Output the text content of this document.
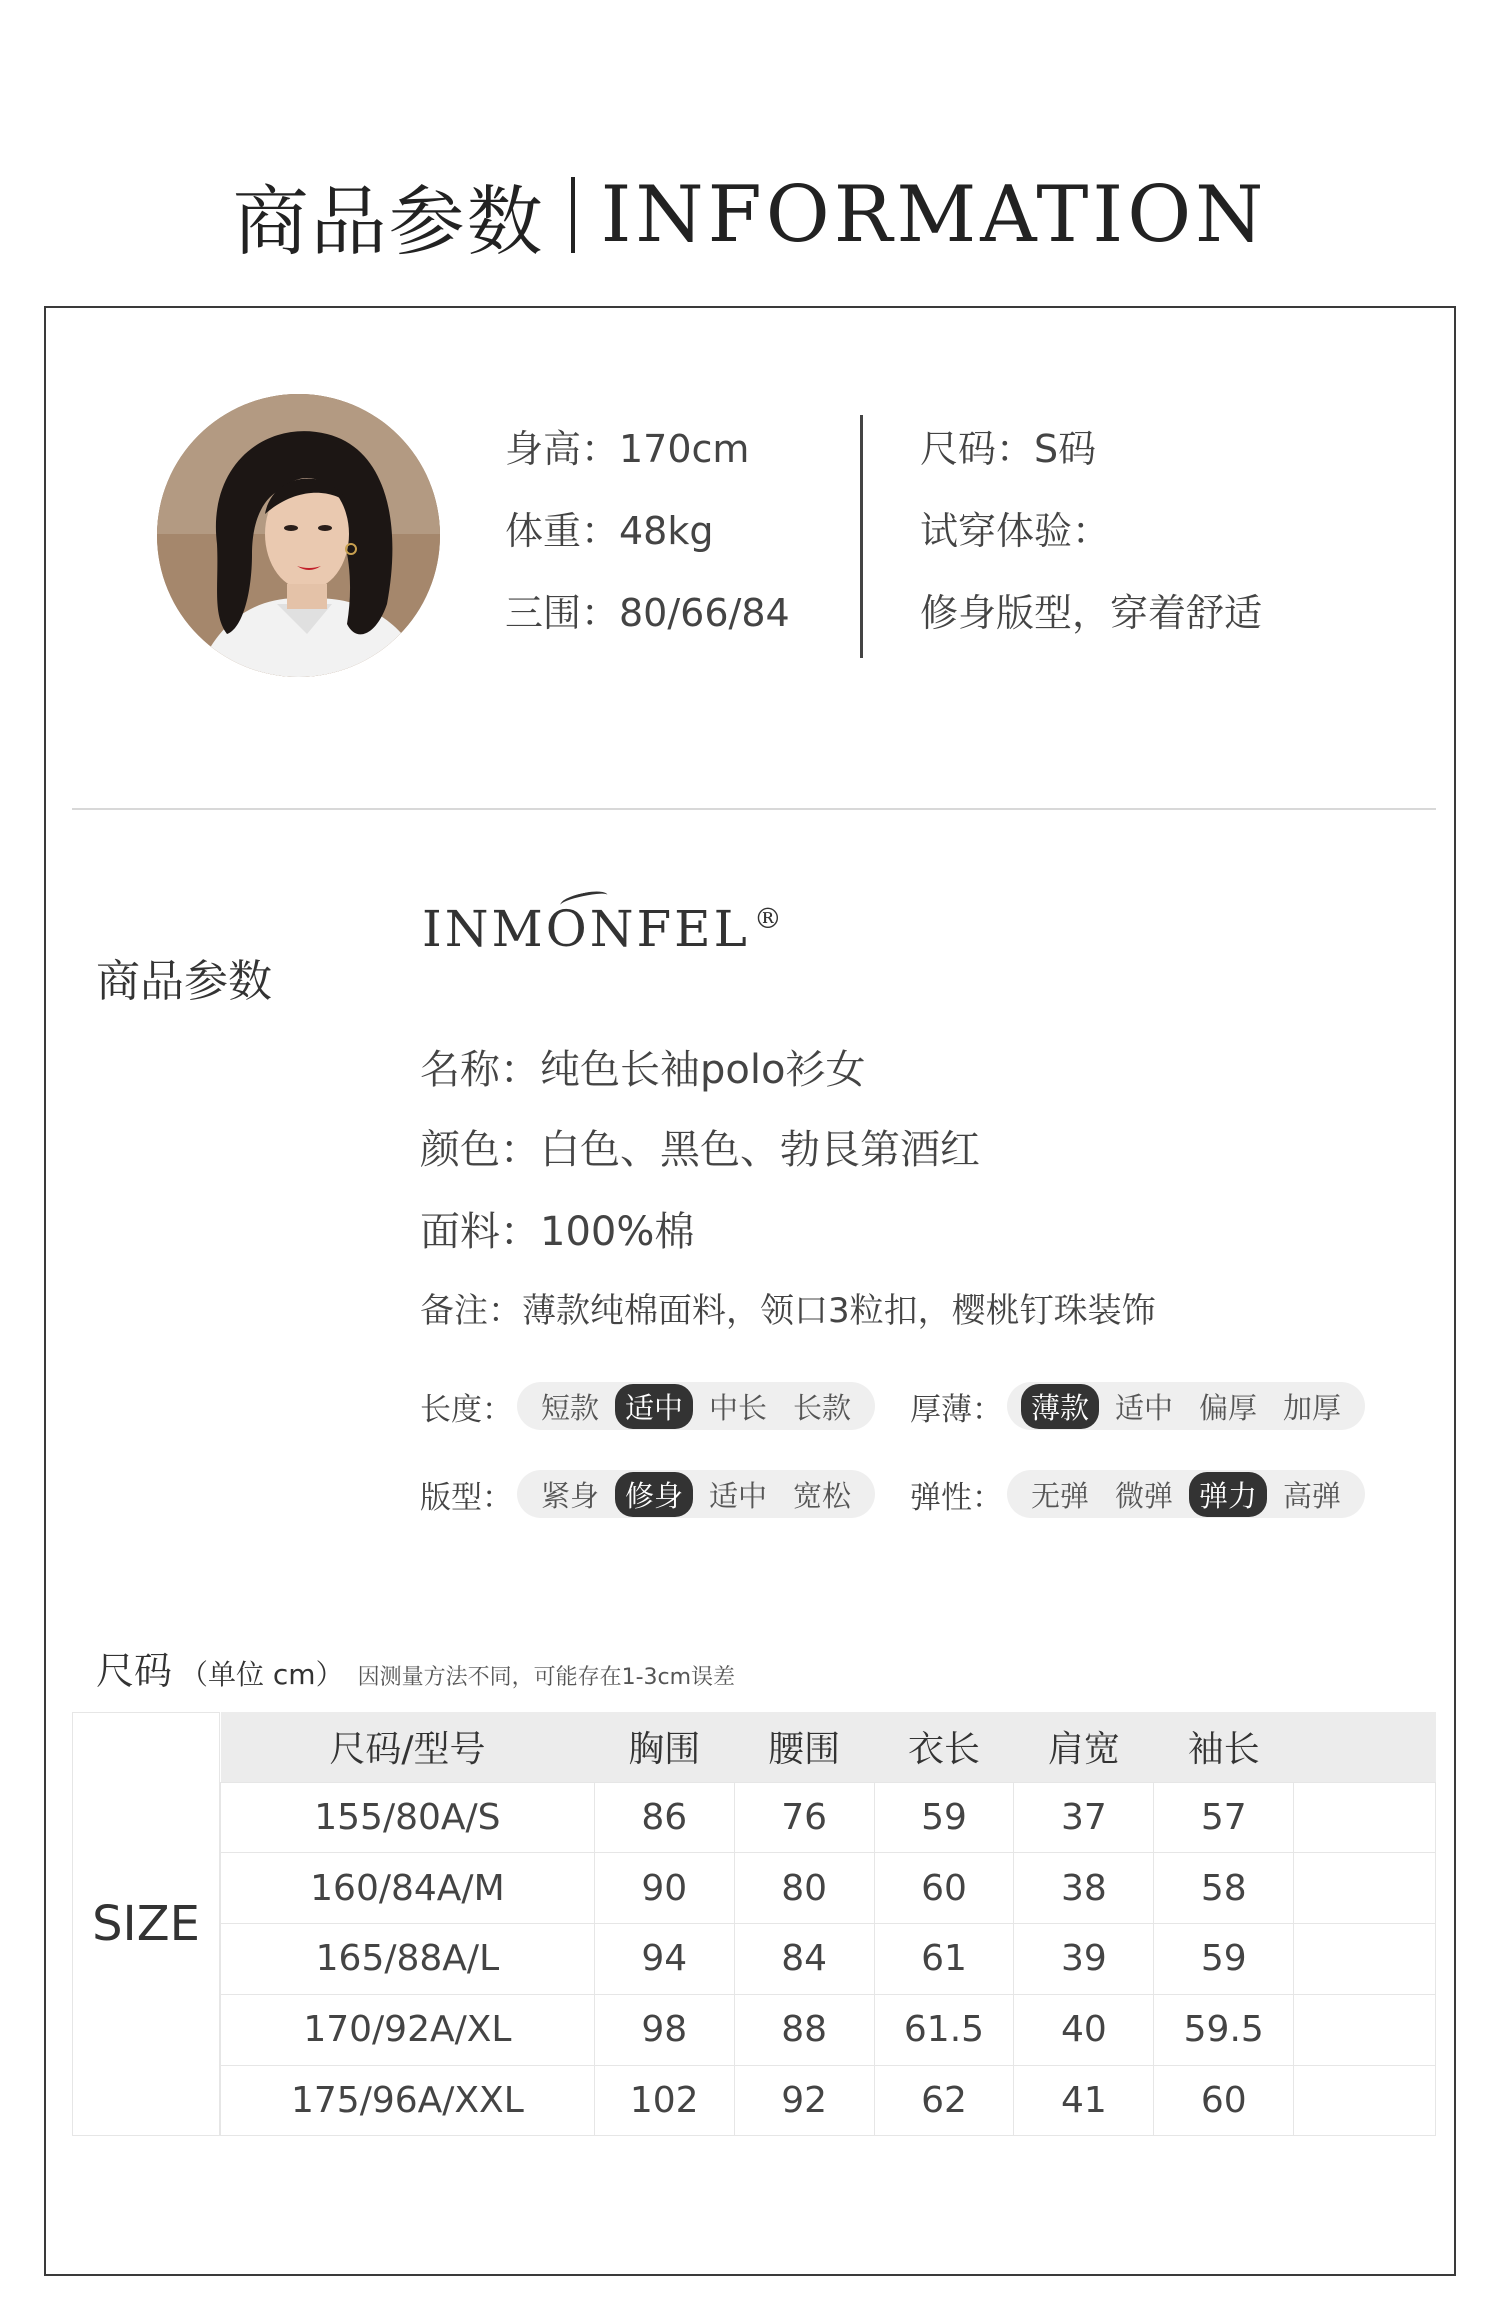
商品参数 INFORMATION
身高：170cm
体重：48kg
三围：80/66/84
尺码：S码
试穿体验：
修身版型，穿着舒适
商品参数
INMONFEL ®
名称：纯色长袖polo衫女
颜色：白色、黑色、勃艮第酒红
面料：100%棉
备注：薄款纯棉面料，领口3粒扣，樱桃钉珠装饰
长度： 短款 适中 中长 长款	厚薄： 薄款 适中 偏厚 加厚
版型： 紧身 修身 适中 宽松	弹性： 无弹 微弹 弹力 高弹
尺码 （单位 cm） 因测量方法不同，可能存在1-3cm误差
SIZE
尺码/型号	胸围	腰围	衣长	肩宽	袖长	
155/80A/S	86	76	59	37	57	
160/84A/M	90	80	60	38	58	
165/88A/L	94	84	61	39	59	
170/92A/XL	98	88	61.5	40	59.5	
175/96A/XXL	102	92	62	41	60	
